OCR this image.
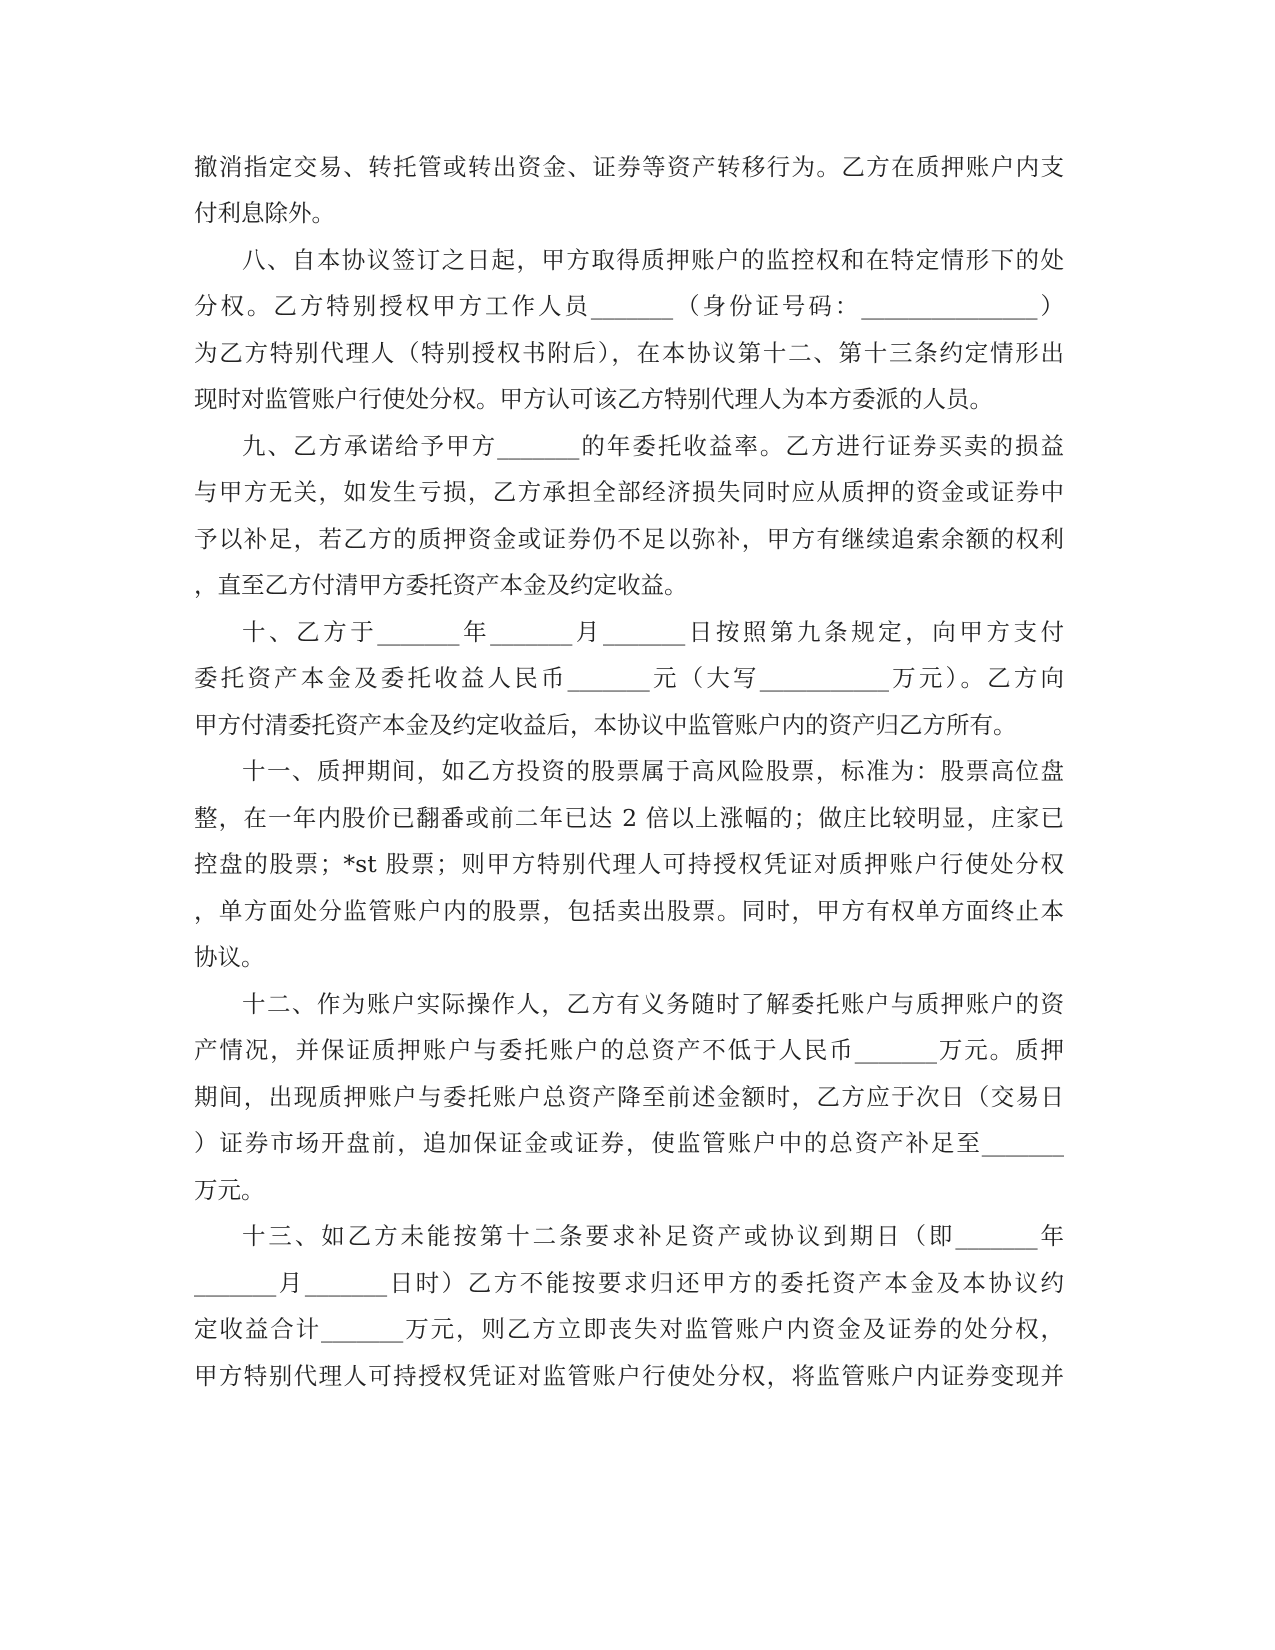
撤消指定交易、转托管或转出资金、证券等资产转移行为。乙方在质押账户内支
付利息除外。
八、自本协议签订之日起，甲方取得质押账户的监控权和在特定情形下的处
分权。乙方特别授权甲方工作人员_______（身份证号码：_______________）
为乙方特别代理人（特别授权书附后），在本协议第十二、第十三条约定情形出
现时对监管账户行使处分权。甲方认可该乙方特别代理人为本方委派的人员。
九、乙方承诺给予甲方_______的年委托收益率。乙方进行证券买卖的损益
与甲方无关，如发生亏损，乙方承担全部经济损失同时应从质押的资金或证券中
予以补足，若乙方的质押资金或证券仍不足以弥补，甲方有继续追索余额的权利
，直至乙方付清甲方委托资产本金及约定收益。
十、乙方于_______年_______月_______日按照第九条规定，向甲方支付
委托资产本金及委托收益人民币_______元（大写___________万元）。乙方向
甲方付清委托资产本金及约定收益后，本协议中监管账户内的资产归乙方所有。
十一、质押期间，如乙方投资的股票属于高风险股票，标准为：股票高位盘
整，在一年内股价已翻番或前二年已达 2 倍以上涨幅的；做庄比较明显，庄家已
控盘的股票；*st 股票；则甲方特别代理人可持授权凭证对质押账户行使处分权
，单方面处分监管账户内的股票，包括卖出股票。同时，甲方有权单方面终止本
协议。
十二、作为账户实际操作人，乙方有义务随时了解委托账户与质押账户的资
产情况，并保证质押账户与委托账户的总资产不低于人民币_______万元。质押
期间，出现质押账户与委托账户总资产降至前述金额时，乙方应于次日（交易日
）证券市场开盘前，追加保证金或证券，使监管账户中的总资产补足至_______
万元。
十三、如乙方未能按第十二条要求补足资产或协议到期日（即_______年
_______月_______日时）乙方不能按要求归还甲方的委托资产本金及本协议约
定收益合计_______万元，则乙方立即丧失对监管账户内资金及证券的处分权，
甲方特别代理人可持授权凭证对监管账户行使处分权，将监管账户内证券变现并
